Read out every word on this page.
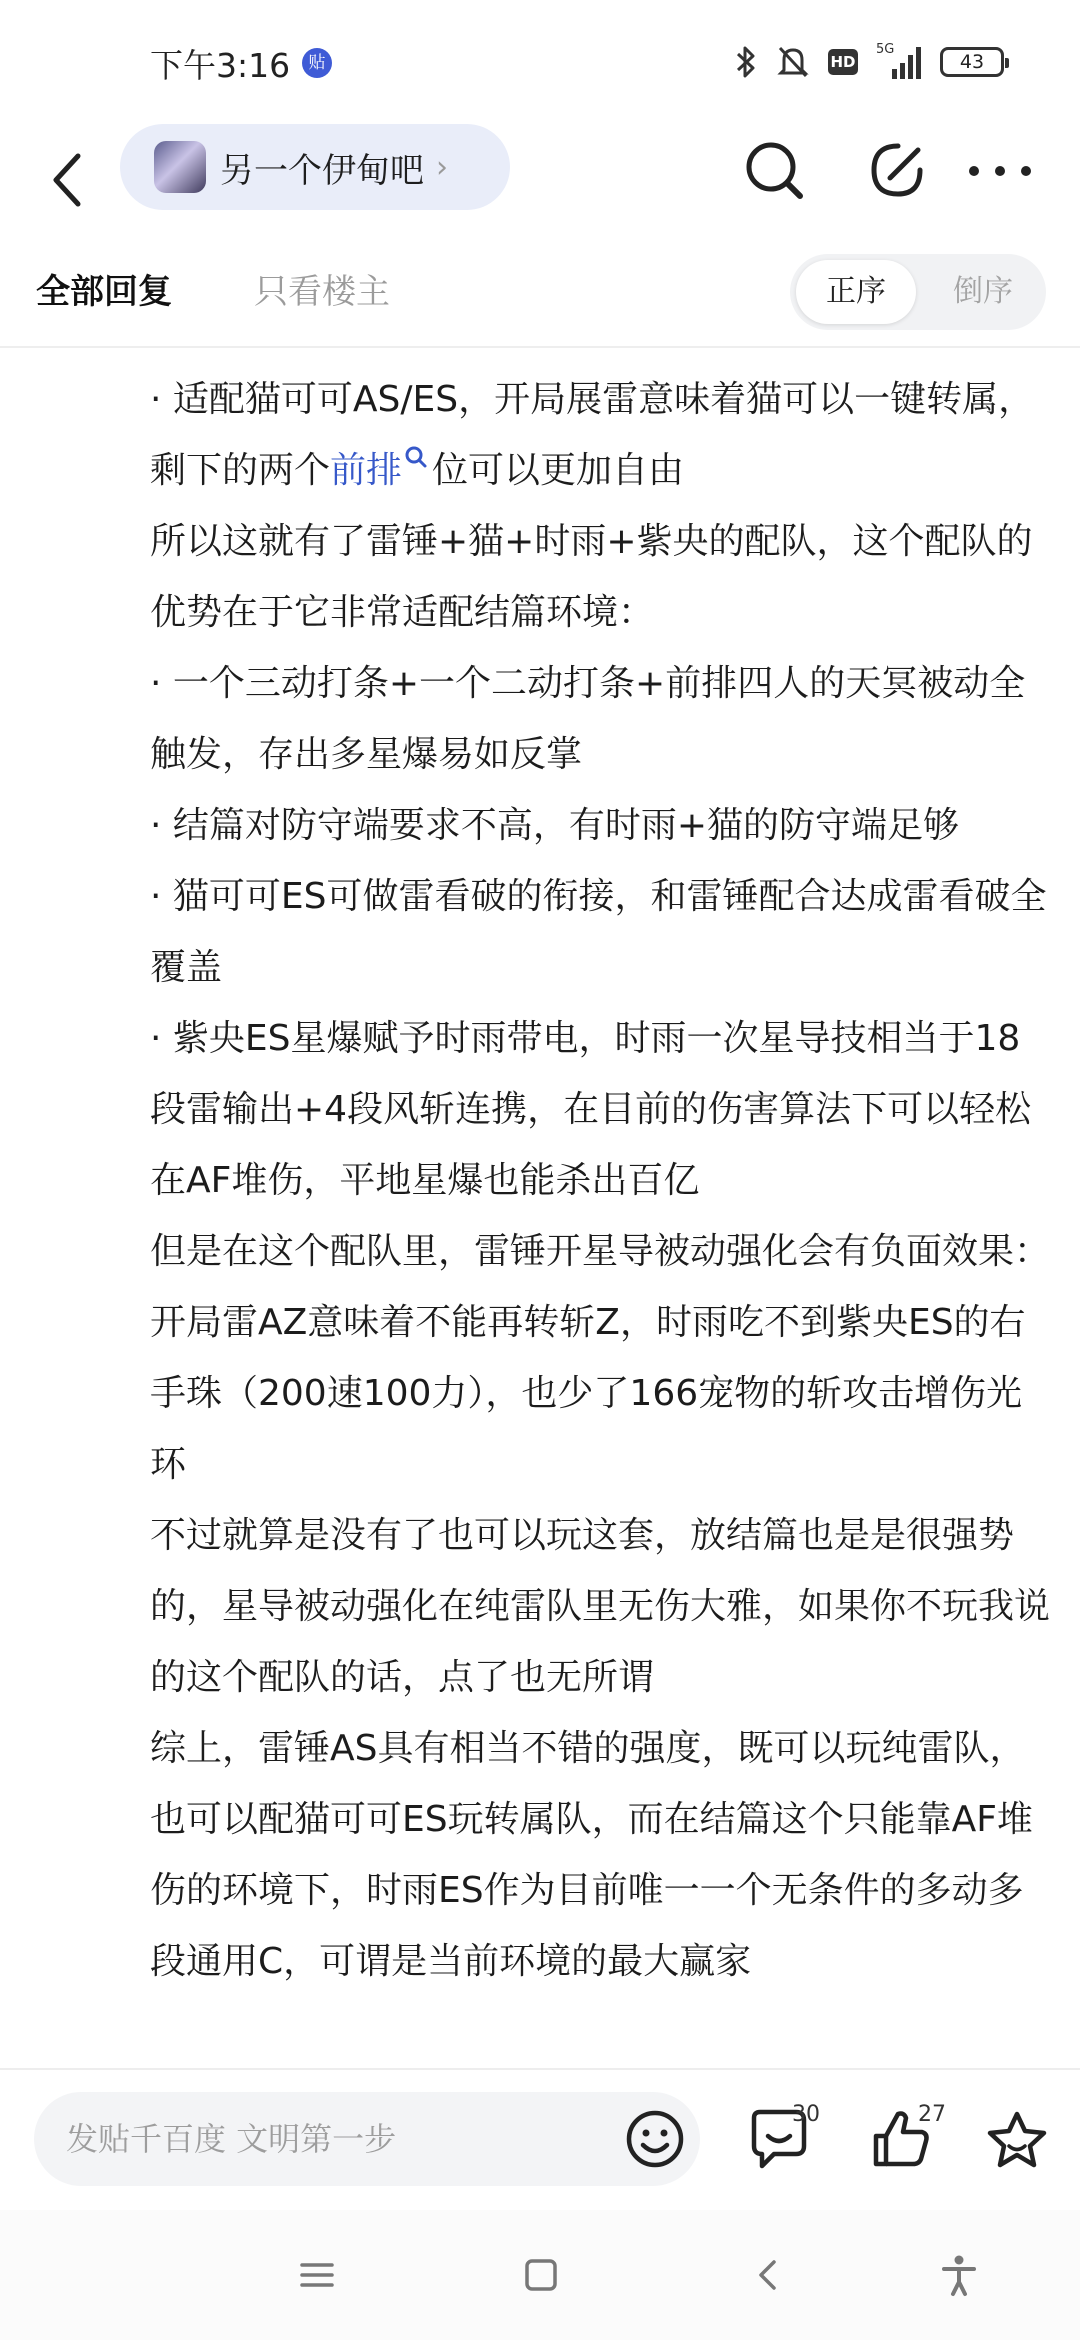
下午3:16	贴	HD
5G
43
另一个伊甸吧 ›
全部回复 只看楼主	正序	倒序

· 适配猫可可AS/ES，开局展雷意味着猫可以一键转属，剩下的两个前排 位可以更加自由

所以这就有了雷锤+猫+时雨+紫央的配队，这个配队的优势在于它非常适配结篇环境：

· 一个三动打条+一个二动打条+前排四人的天冥被动全触发，存出多星爆易如反掌

· 结篇对防守端要求不高，有时雨+猫的防守端足够

· 猫可可ES可做雷看破的衔接，和雷锤配合达成雷看破全覆盖

· 紫央ES星爆赋予时雨带电，时雨一次星导技相当于18段雷输出+4段风斩连携，在目前的伤害算法下可以轻松在AF堆伤，平地星爆也能杀出百亿

但是在这个配队里，雷锤开星导被动强化会有负面效果：开局雷AZ意味着不能再转斩Z，时雨吃不到紫央ES的右手珠（200速100力），也少了166宠物的斩攻击增伤光环

不过就算是没有了也可以玩这套，放结篇也是是很强势的，星导被动强化在纯雷队里无伤大雅，如果你不玩我说的这个配队的话，点了也无所谓

综上，雷锤AS具有相当不错的强度，既可以玩纯雷队，也可以配猫可可ES玩转属队，而在结篇这个只能靠AF堆伤的环境下，时雨ES作为目前唯一一个无条件的多动多段通用C，可谓是当前环境的最大赢家

发贴千百度 文明第一步
30	27
